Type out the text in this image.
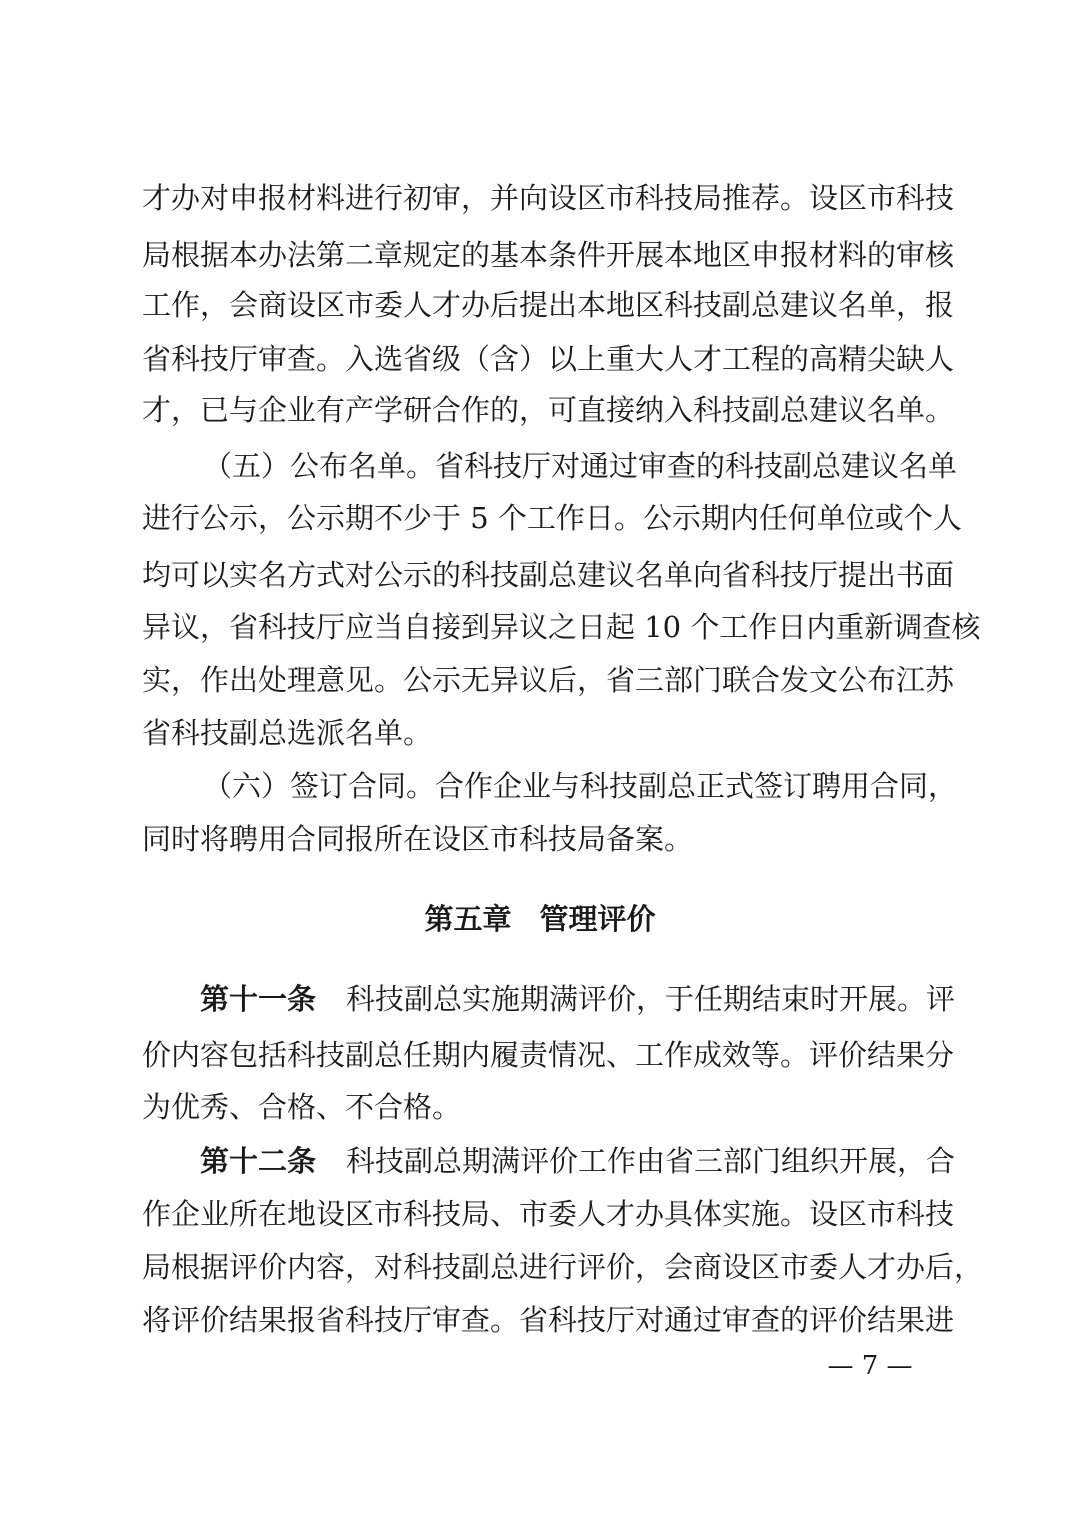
才办对申报材料进行初审，并向设区市科技局推荐。设区市科技
局根据本办法第二章规定的基本条件开展本地区申报材料的审核
工作，会商设区市委人才办后提出本地区科技副总建议名单，报
省科技厅审查。入选省级（含）以上重大人才工程的高精尖缺人
才，已与企业有产学研合作的，可直接纳入科技副总建议名单。
（五）公布名单。省科技厅对通过审查的科技副总建议名单
进行公示，公示期不少于 5 个工作日。公示期内任何单位或个人
均可以实名方式对公示的科技副总建议名单向省科技厅提出书面
异议，省科技厅应当自接到异议之日起 10 个工作日内重新调查核
实，作出处理意见。公示无异议后，省三部门联合发文公布江苏
省科技副总选派名单。
（六）签订合同。合作企业与科技副总正式签订聘用合同，
同时将聘用合同报所在设区市科技局备案。
第五章 管理评价
第十一条 科技副总实施期满评价，于任期结束时开展。评
价内容包括科技副总任期内履责情况、工作成效等。评价结果分
为优秀、合格、不合格。
第十二条 科技副总期满评价工作由省三部门组织开展，合
作企业所在地设区市科技局、市委人才办具体实施。设区市科技
局根据评价内容，对科技副总进行评价，会商设区市委人才办后，
将评价结果报省科技厅审查。省科技厅对通过审查的评价结果进
— 7 —
